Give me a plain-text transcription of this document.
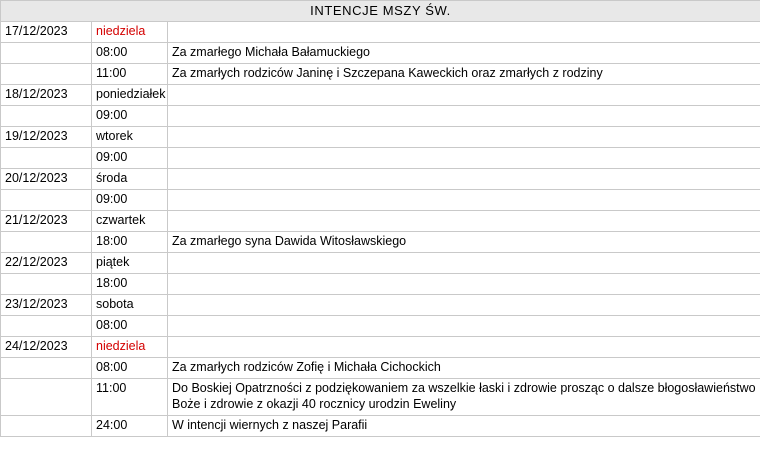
INTENCJE MSZY ŚW.		
17/12/2023	niedziela	
	08:00	Za zmarłego Michała Bałamuckiego
	11:00	Za zmarłych rodziców Janinę i Szczepana Kaweckich oraz zmarłych z rodziny
18/12/2023	poniedziałek	
	09:00	
19/12/2023	wtorek	
	09:00	
20/12/2023	środa	
	09:00	
21/12/2023	czwartek	
	18:00	Za zmarłego syna Dawida Witosławskiego
22/12/2023	piątek	
	18:00	
23/12/2023	sobota	
	08:00	
24/12/2023	niedziela	
	08:00	Za zmarłych rodziców Zofię i Michała Cichockich
	11:00	Do Boskiej Opatrzności z podziękowaniem za wszelkie łaski i zdrowie prosząc o dalsze błogosławieństwo Boże i zdrowie z okazji 40 rocznicy urodzin Eweliny
	24:00	W intencji wiernych z naszej Parafii
